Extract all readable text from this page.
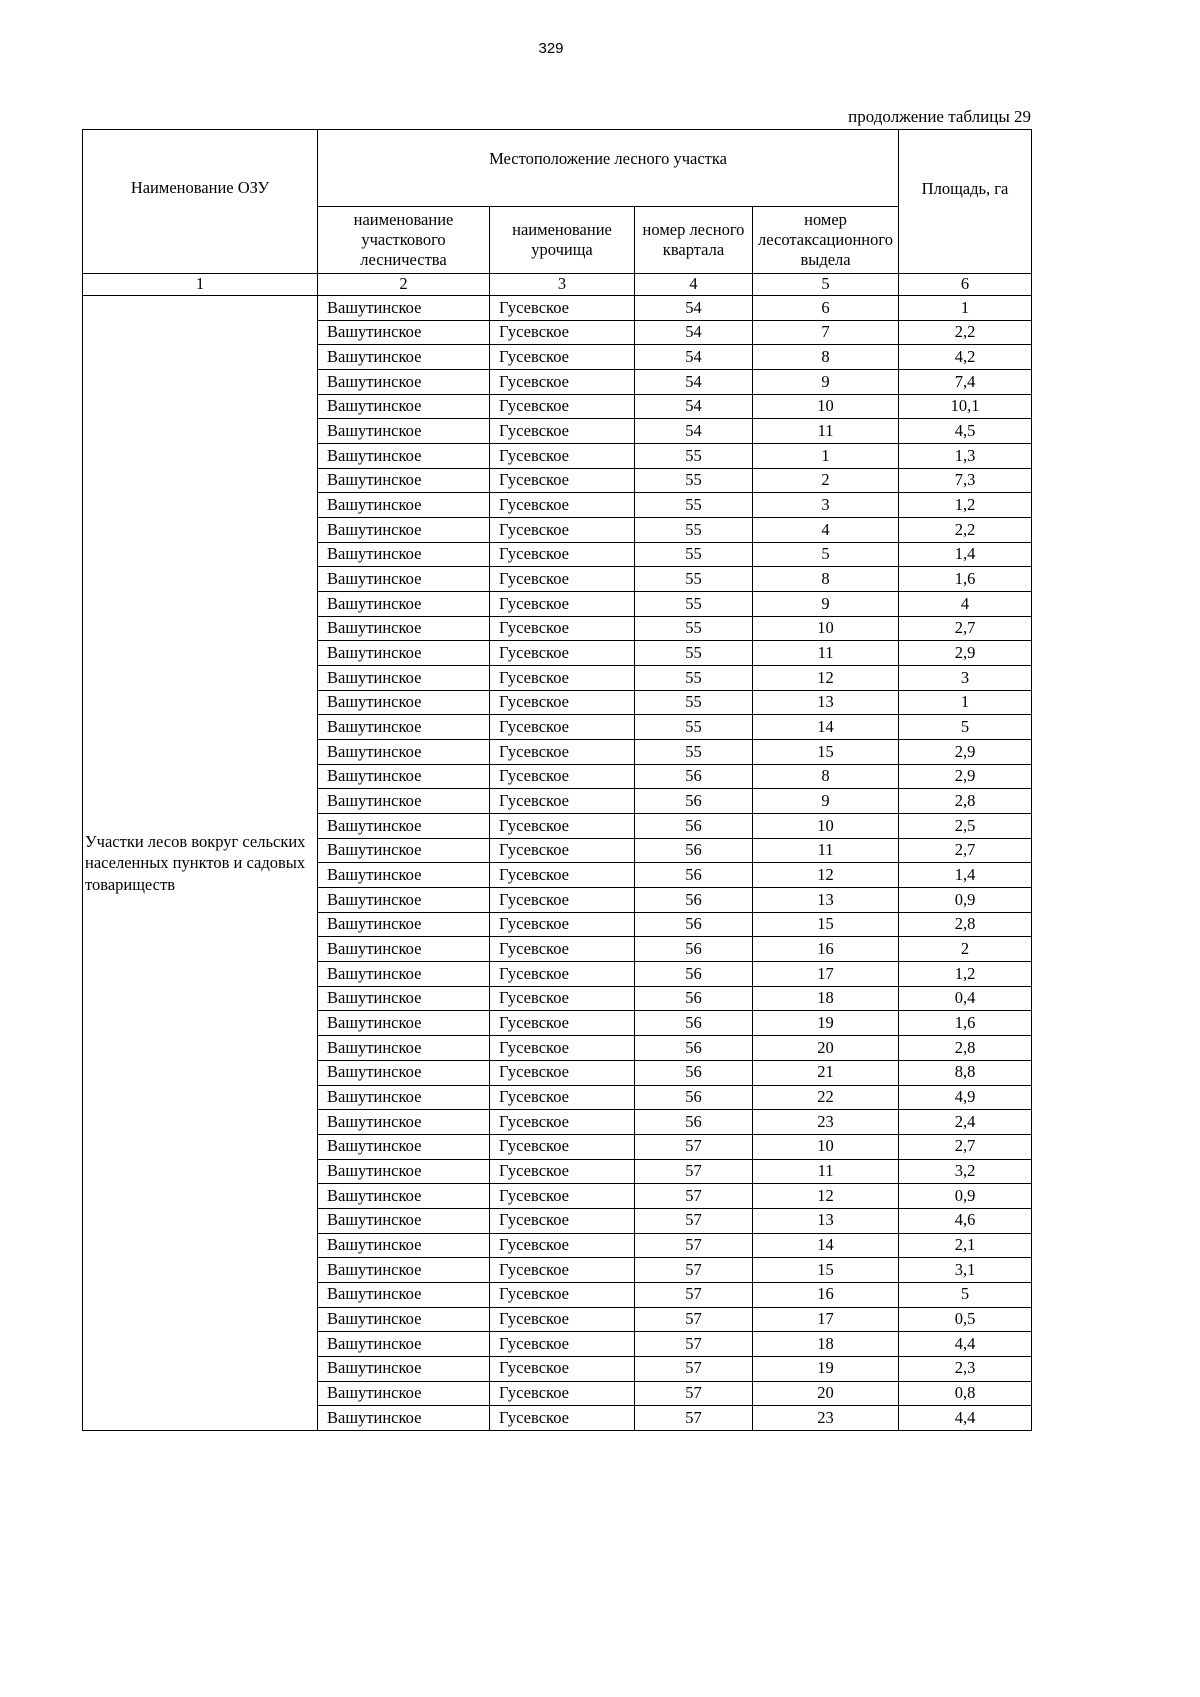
329
продолжение таблицы 29
Наименование ОЗУ	Местоположение лесного участка				Площадь, га
	наименование участкового лесничества	наименование урочища	номер лесного квартала	номер лесотаксационного выдела	
1	2	3	4	5	6
Участки лесов вокруг сельских населенных пунктов и садовых товариществ	Вашутинское	Гусевское	54	6	1
	Вашутинское	Гусевское	54	7	2,2
	Вашутинское	Гусевское	54	8	4,2
	Вашутинское	Гусевское	54	9	7,4
	Вашутинское	Гусевское	54	10	10,1
	Вашутинское	Гусевское	54	11	4,5
	Вашутинское	Гусевское	55	1	1,3
	Вашутинское	Гусевское	55	2	7,3
	Вашутинское	Гусевское	55	3	1,2
	Вашутинское	Гусевское	55	4	2,2
	Вашутинское	Гусевское	55	5	1,4
	Вашутинское	Гусевское	55	8	1,6
	Вашутинское	Гусевское	55	9	4
	Вашутинское	Гусевское	55	10	2,7
	Вашутинское	Гусевское	55	11	2,9
	Вашутинское	Гусевское	55	12	3
	Вашутинское	Гусевское	55	13	1
	Вашутинское	Гусевское	55	14	5
	Вашутинское	Гусевское	55	15	2,9
	Вашутинское	Гусевское	56	8	2,9
	Вашутинское	Гусевское	56	9	2,8
	Вашутинское	Гусевское	56	10	2,5
	Вашутинское	Гусевское	56	11	2,7
	Вашутинское	Гусевское	56	12	1,4
	Вашутинское	Гусевское	56	13	0,9
	Вашутинское	Гусевское	56	15	2,8
	Вашутинское	Гусевское	56	16	2
	Вашутинское	Гусевское	56	17	1,2
	Вашутинское	Гусевское	56	18	0,4
	Вашутинское	Гусевское	56	19	1,6
	Вашутинское	Гусевское	56	20	2,8
	Вашутинское	Гусевское	56	21	8,8
	Вашутинское	Гусевское	56	22	4,9
	Вашутинское	Гусевское	56	23	2,4
	Вашутинское	Гусевское	57	10	2,7
	Вашутинское	Гусевское	57	11	3,2
	Вашутинское	Гусевское	57	12	0,9
	Вашутинское	Гусевское	57	13	4,6
	Вашутинское	Гусевское	57	14	2,1
	Вашутинское	Гусевское	57	15	3,1
	Вашутинское	Гусевское	57	16	5
	Вашутинское	Гусевское	57	17	0,5
	Вашутинское	Гусевское	57	18	4,4
	Вашутинское	Гусевское	57	19	2,3
	Вашутинское	Гусевское	57	20	0,8
	Вашутинское	Гусевское	57	23	4,4
